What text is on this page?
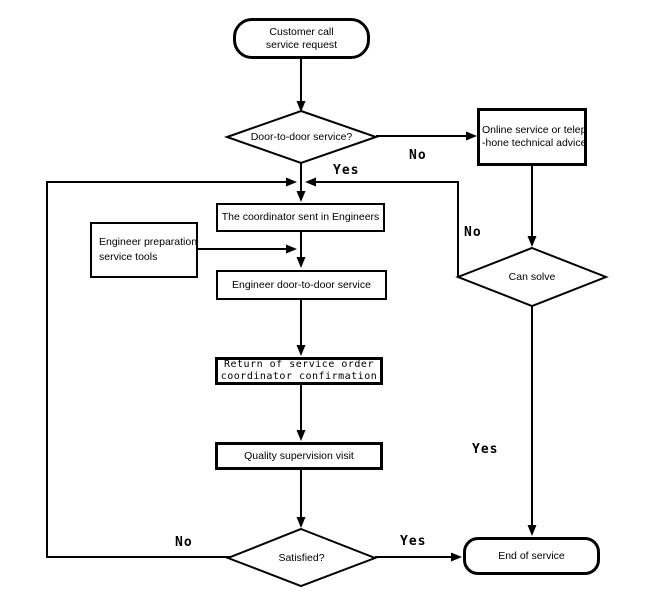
Customer call
service request
Door-to-door service?
Can solve
Satisfied?
Online service or telep
-hone technical advice
The coordinator sent in Engineers
Engineer preparation
service tools
Engineer door-to-door service
Return of service order
coordinator confirmation
Quality supervision visit
End of service
No
Yes
No
Yes
No	Yes
